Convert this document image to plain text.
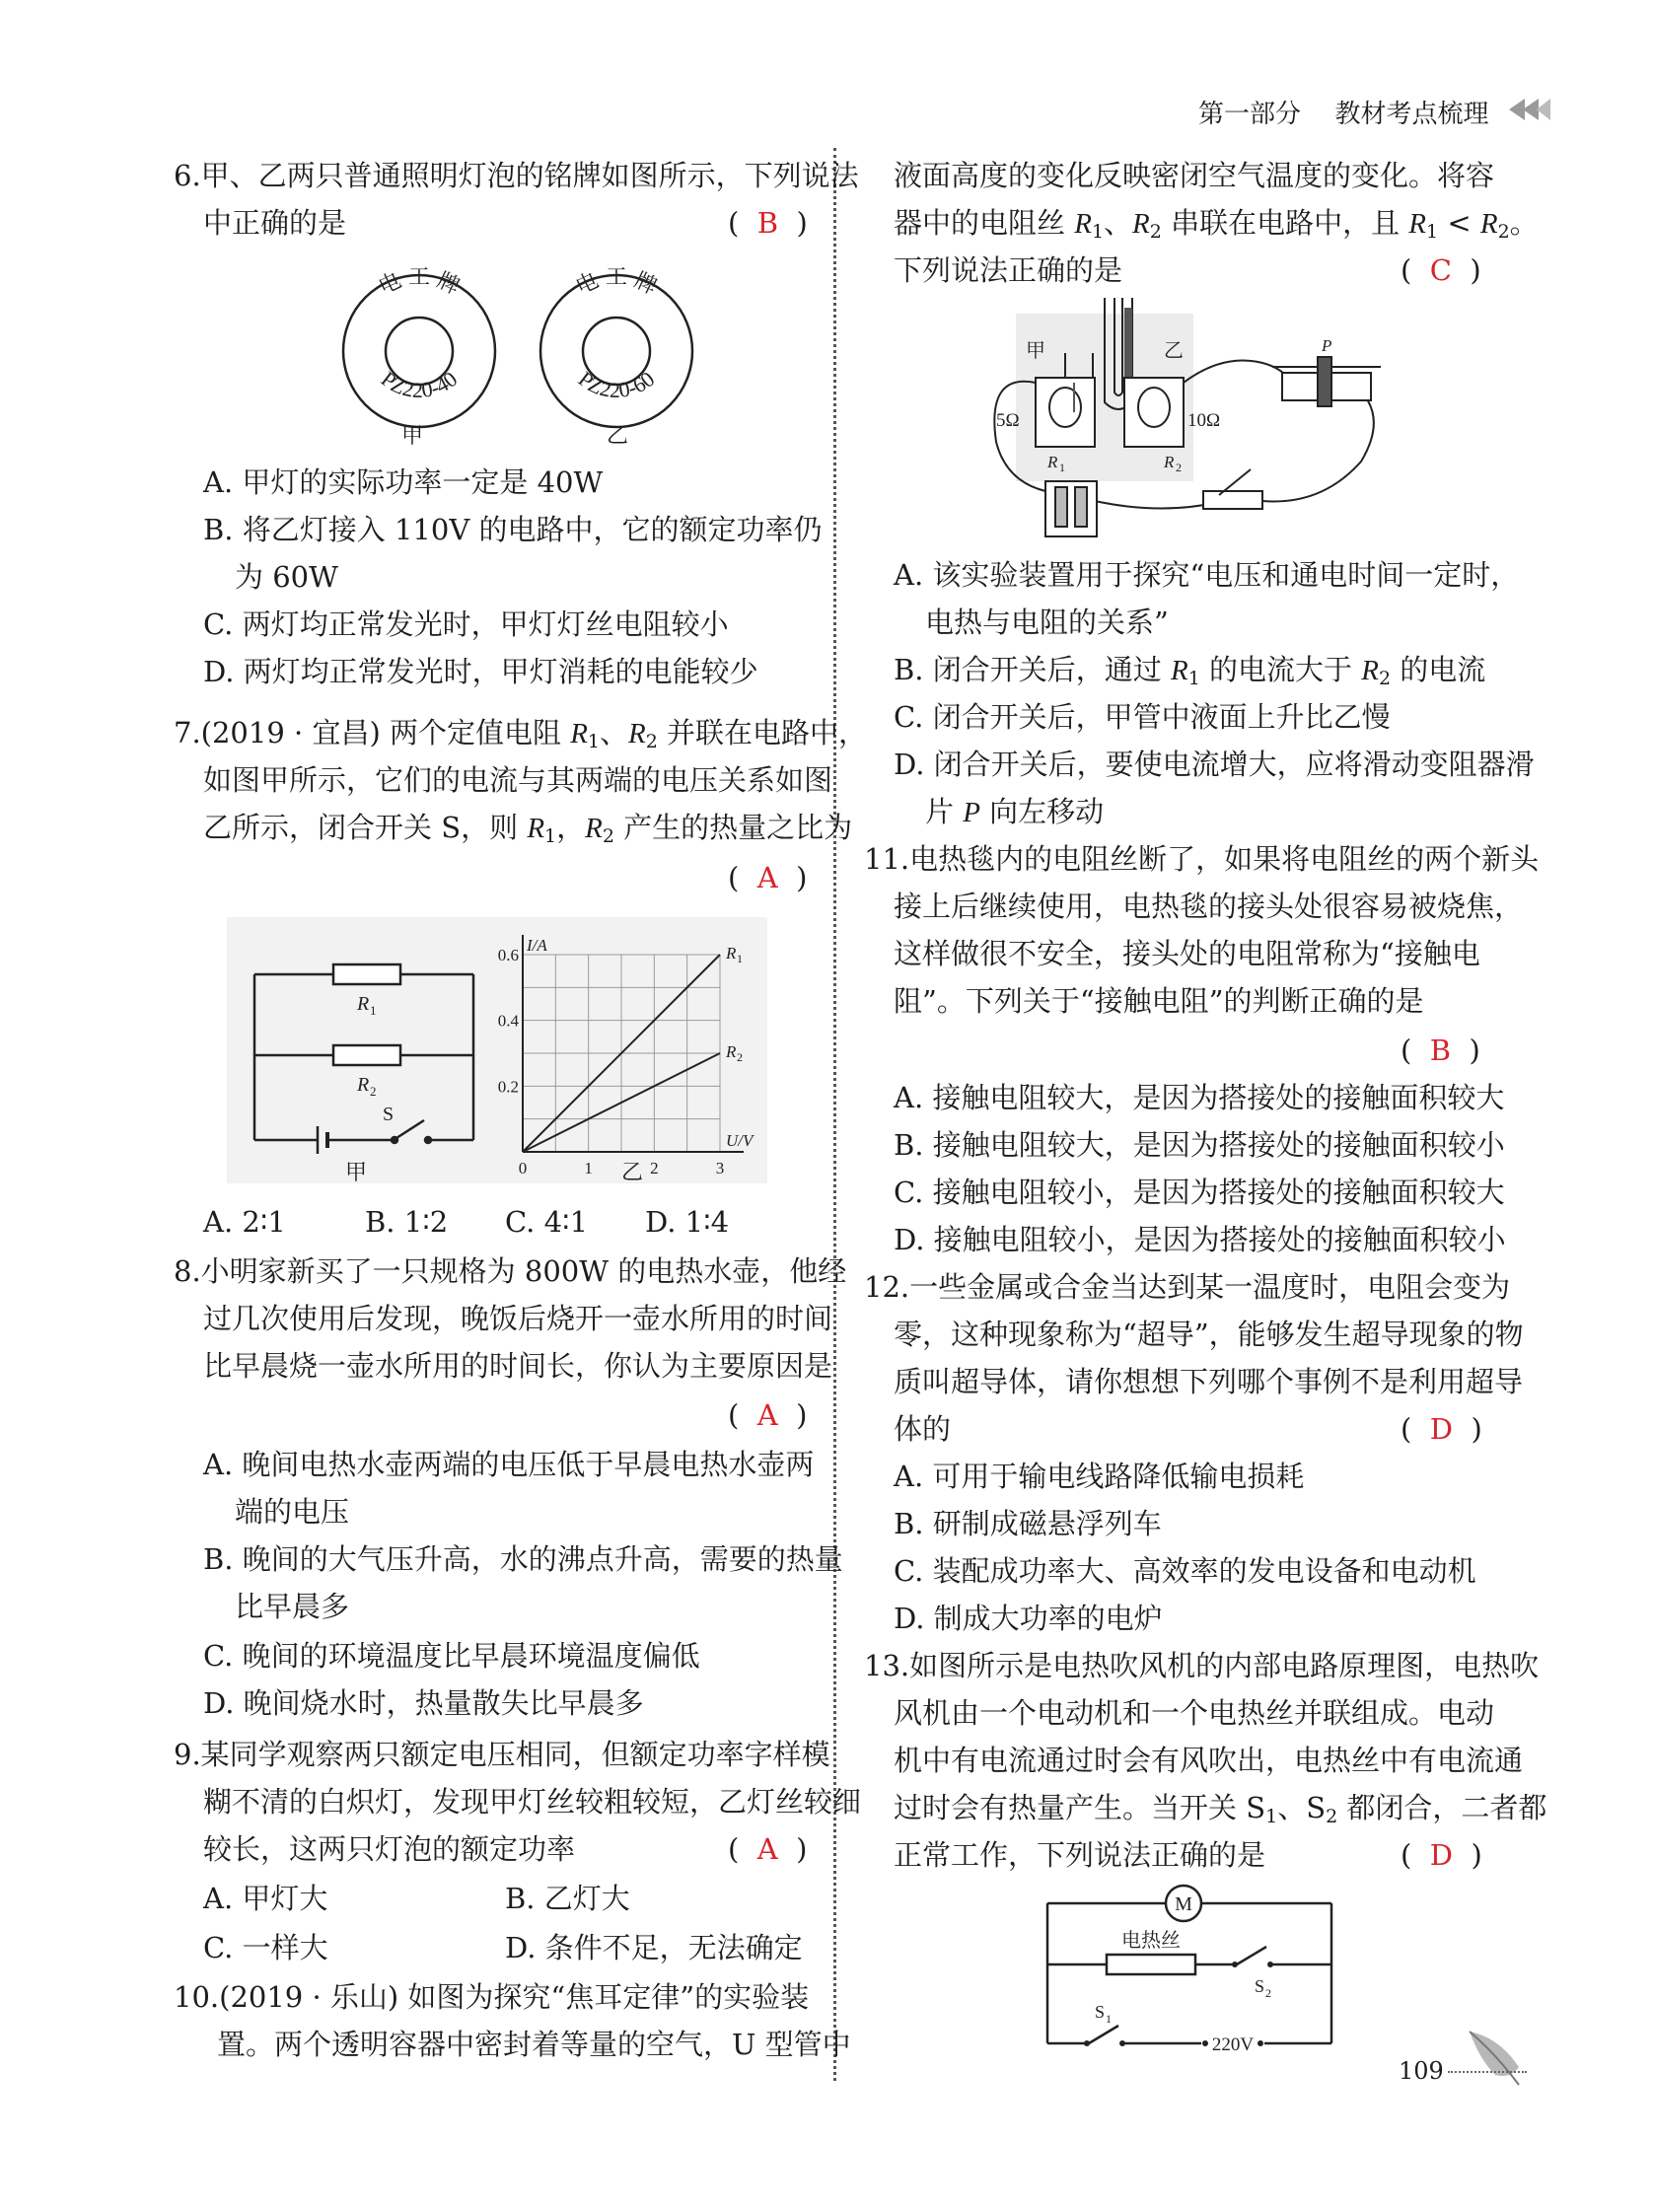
第一部分 教材考点梳理
6.甲、乙两只普通照明灯泡的铭牌如图所示，下列说法
中正确的是	( B )
电 工 牌
PZ220-40
电 工 牌
PZ220-60
甲	乙
A. 甲灯的实际功率一定是 40W
B. 将乙灯接入 110V 的电路中，它的额定功率仍
为 60W
C. 两灯均正常发光时，甲灯灯丝电阻较小
D. 两灯均正常发光时，甲灯消耗的电能较少
7.(2019 · 宜昌) 两个定值电阻 $R_1$、$R_2$ 并联在电路中，
如图甲所示，它们的电流与其两端的电压关系如图
乙所示，闭合开关 S，则 $R_1$，$R_2$ 产生的热量之比为
( A )
R 1
R 2
S
甲	0	1	2	3
0.2
0.4
0.6	R 1
R 2
I/A
U/V
乙
A. 2∶1	B. 1∶2 C. 4∶1 D. 1∶4
8.小明家新买了一只规格为 800W 的电热水壶，他经
过几次使用后发现，晚饭后烧开一壶水所用的时间
比早晨烧一壶水所用的时间长，你认为主要原因是
( A )
A. 晚间电热水壶两端的电压低于早晨电热水壶两
端的电压
B. 晚间的大气压升高，水的沸点升高，需要的热量
比早晨多
C. 晚间的环境温度比早晨环境温度偏低
D. 晚间烧水时，热量散失比早晨多
9.某同学观察两只额定电压相同，但额定功率字样模
糊不清的白炽灯，发现甲灯丝较粗较短，乙灯丝较细
较长，这两只灯泡的额定功率	( A )
A. 甲灯大	B. 乙灯大
C. 一样大	D. 条件不足，无法确定
10.(2019 · 乐山) 如图为探究“焦耳定律”的实验装
置。两个透明容器中密封着等量的空气，U 型管中
液面高度的变化反映密闭空气温度的变化。将容
器中的电阻丝 $R_1$、$R_2$ 串联在电路中，且 $R_1 < R_2$。
下列说法正确的是	( C )
甲	乙
5Ω	10Ω
R 1	R 2
P
A. 该实验装置用于探究“电压和通电时间一定时，
电热与电阻的关系”
B. 闭合开关后，通过 $R_1$ 的电流大于 $R_2$ 的电流
C. 闭合开关后，甲管中液面上升比乙慢
D. 闭合开关后，要使电流增大，应将滑动变阻器滑
片 P 向左移动
11.电热毯内的电阻丝断了，如果将电阻丝的两个新头
接上后继续使用，电热毯的接头处很容易被烧焦，
这样做很不安全，接头处的电阻常称为“接触电
阻”。下列关于“接触电阻”的判断正确的是
( B )
A. 接触电阻较大，是因为搭接处的接触面积较大
B. 接触电阻较大，是因为搭接处的接触面积较小
C. 接触电阻较小，是因为搭接处的接触面积较大
D. 接触电阻较小，是因为搭接处的接触面积较小
12.一些金属或合金当达到某一温度时，电阻会变为
零，这种现象称为“超导”，能够发生超导现象的物
质叫超导体，请你想想下列哪个事例不是利用超导
体的	( D )
A. 可用于输电线路降低输电损耗
B. 研制成磁悬浮列车
C. 装配成功率大、高效率的发电设备和电动机
D. 制成大功率的电炉
13.如图所示是电热吹风机的内部电路原理图，电热吹
风机由一个电动机和一个电热丝并联组成。电动
机中有电流通过时会有风吹出，电热丝中有电流通
过时会有热量产生。当开关 $S_1$、$S_2$ 都闭合，二者都
正常工作，下列说法正确的是	( D )
M
电热丝
S 2
S 1
220V
109
